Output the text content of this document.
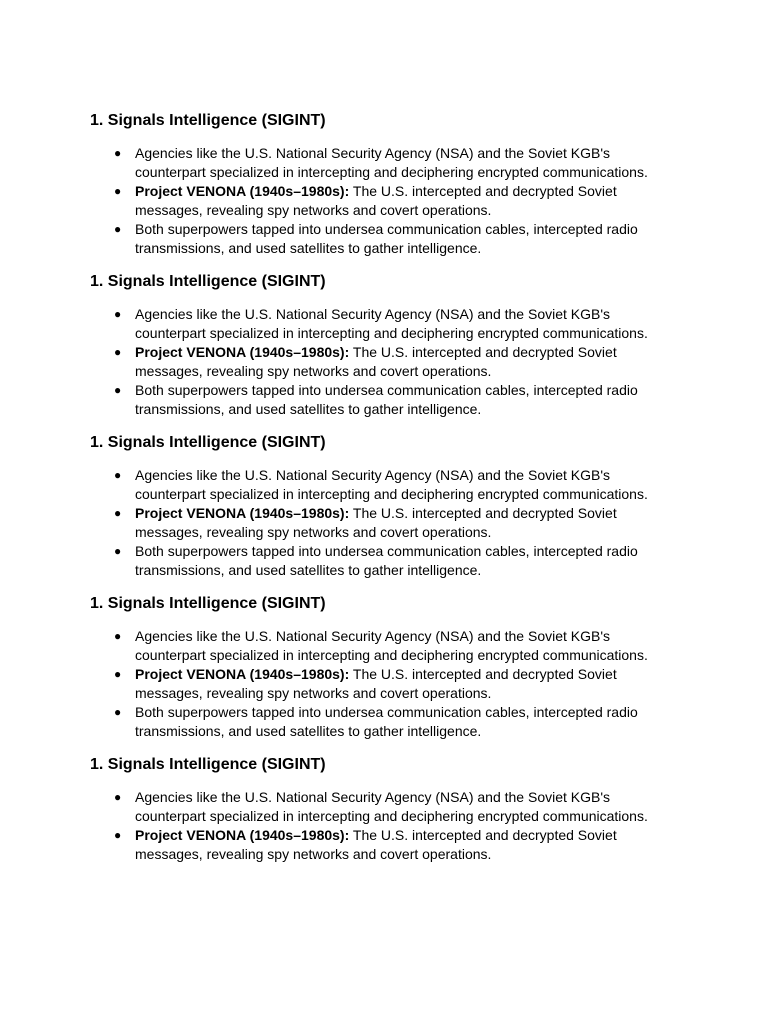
1. Signals Intelligence (SIGINT)
● Agencies like the U.S. National Security Agency (NSA) and the Soviet KGB's counterpart specialized in intercepting and deciphering encrypted communications.
● Project VENONA (1940s–1980s): The U.S. intercepted and decrypted Soviet messages, revealing spy networks and covert operations.
● Both superpowers tapped into undersea communication cables, intercepted radio transmissions, and used satellites to gather intelligence.
1. Signals Intelligence (SIGINT)
● Agencies like the U.S. National Security Agency (NSA) and the Soviet KGB's counterpart specialized in intercepting and deciphering encrypted communications.
● Project VENONA (1940s–1980s): The U.S. intercepted and decrypted Soviet messages, revealing spy networks and covert operations.
● Both superpowers tapped into undersea communication cables, intercepted radio transmissions, and used satellites to gather intelligence.
1. Signals Intelligence (SIGINT)
● Agencies like the U.S. National Security Agency (NSA) and the Soviet KGB's counterpart specialized in intercepting and deciphering encrypted communications.
● Project VENONA (1940s–1980s): The U.S. intercepted and decrypted Soviet messages, revealing spy networks and covert operations.
● Both superpowers tapped into undersea communication cables, intercepted radio transmissions, and used satellites to gather intelligence.
1. Signals Intelligence (SIGINT)
● Agencies like the U.S. National Security Agency (NSA) and the Soviet KGB's counterpart specialized in intercepting and deciphering encrypted communications.
● Project VENONA (1940s–1980s): The U.S. intercepted and decrypted Soviet messages, revealing spy networks and covert operations.
● Both superpowers tapped into undersea communication cables, intercepted radio transmissions, and used satellites to gather intelligence.
1. Signals Intelligence (SIGINT)
● Agencies like the U.S. National Security Agency (NSA) and the Soviet KGB's counterpart specialized in intercepting and deciphering encrypted communications.
● Project VENONA (1940s–1980s): The U.S. intercepted and decrypted Soviet messages, revealing spy networks and covert operations.
